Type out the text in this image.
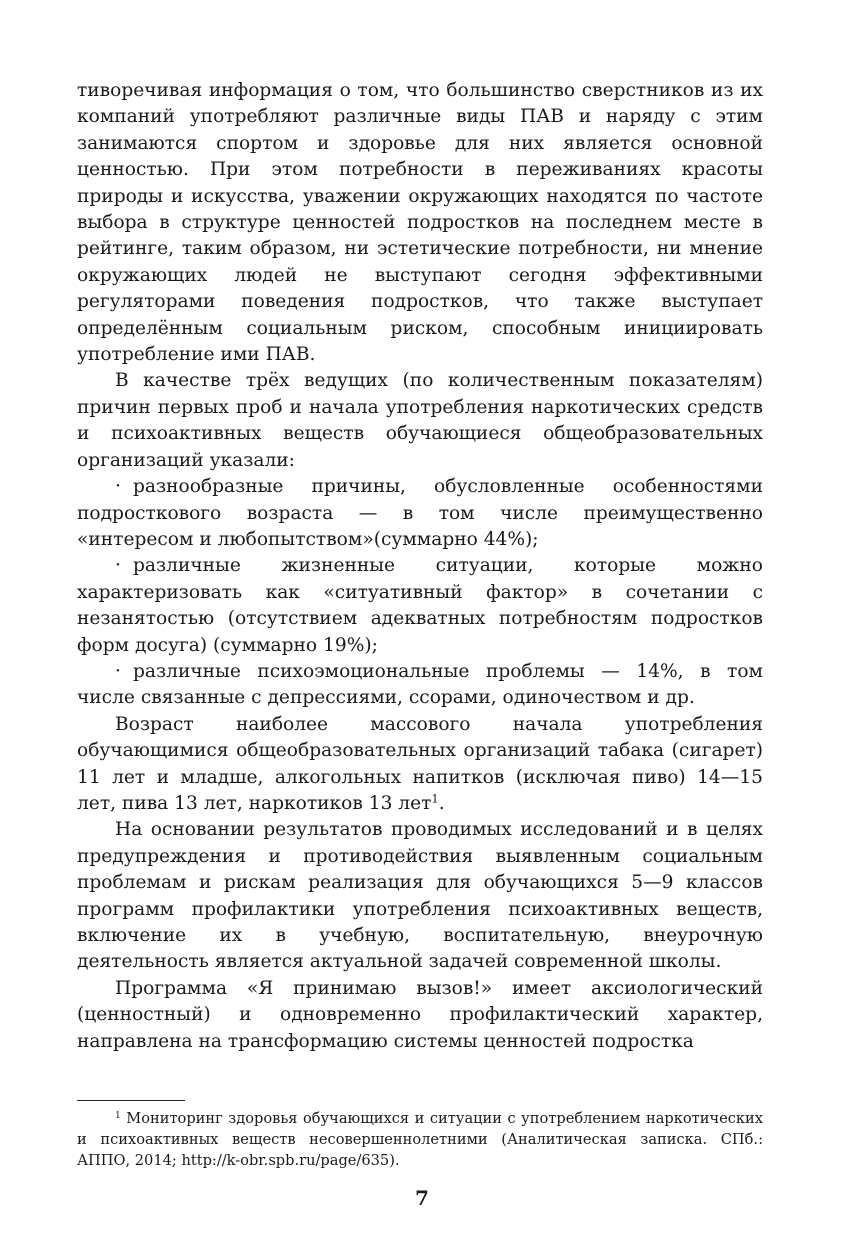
тиворечивая информация о том, что большинство сверстников из их компаний употребляют различные виды ПАВ и наряду с этим занимаются спортом и здоровье для них является основной ценностью. При этом потребности в переживаниях красоты природы и искусства, уважении окружающих находятся по частоте выбора в структуре ценностей подростков на последнем месте в рейтинге, таким образом, ни эстетические потребности, ни мнение окружающих людей не выступают сегодня эффективными регуляторами поведения подростков, что также выступает определённым социальным риском, способным инициировать употребление ими ПАВ.

В качестве трёх ведущих (по количественным показателям) причин первых проб и начала употребления наркотических средств и психоактивных веществ обучающиеся общеобразовательных организаций указали:

· разнообразные причины, обусловленные особенностями подросткового возраста — в том числе преимущественно «интересом и любопытством»(суммарно 44%);

· различные жизненные ситуации, которые можно характеризовать как «ситуативный фактор» в сочетании с незанятостью (отсутствием адекватных потребностям подростков форм досуга) (суммарно 19%);

· различные психоэмоциональные проблемы — 14%, в том числе связанные с депрессиями, ссорами, одиночеством и др.

Возраст наиболее массового начала употребления обучающимися общеобразовательных организаций табака (сигарет) 11 лет и младше, алкогольных напитков (исключая пиво) 14—15 лет, пива 13 лет, наркотиков 13 лет$^1$.

На основании результатов проводимых исследований и в целях предупреждения и противодействия выявленным социальным проблемам и рискам реализация для обучающихся 5—9 классов программ профилактики употребления психоактивных веществ, включение их в учебную, воспитательную, внеурочную деятельность является актуальной задачей современной школы.

Программа «Я принимаю вызов!» имеет аксиологический (ценностный) и одновременно профилактический характер, направлена на трансформацию системы ценностей подростка

$^1$ Мониторинг здоровья обучающихся и ситуации с употреблением наркотических и психоактивных веществ несовершеннолетними (Аналитическая записка. СПб.: АППО, 2014; http://k-obr.spb.ru/page/635).

7
